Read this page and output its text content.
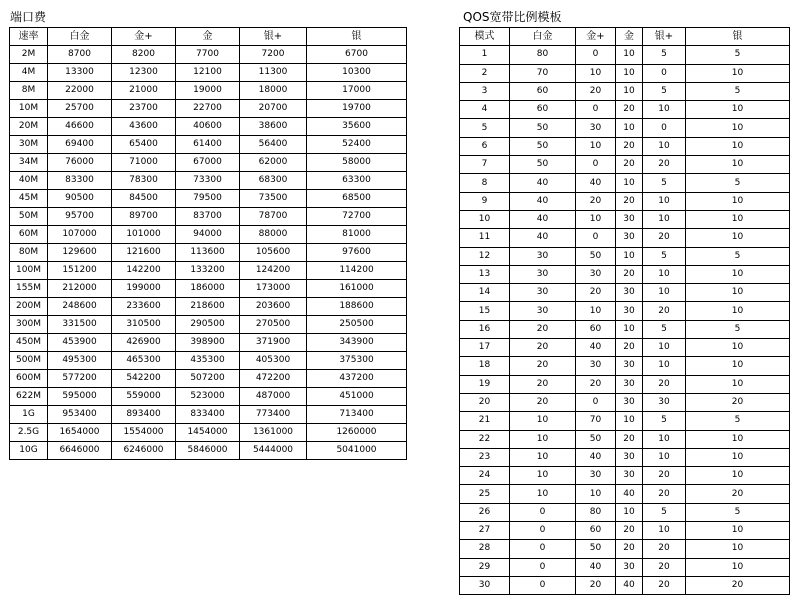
端口费
速率	白金	金+	金	银+	银
2M	8700	8200	7700	7200	6700
4M	13300	12300	12100	11300	10300
8M	22000	21000	19000	18000	17000
10M	25700	23700	22700	20700	19700
20M	46600	43600	40600	38600	35600
30M	69400	65400	61400	56400	52400
34M	76000	71000	67000	62000	58000
40M	83300	78300	73300	68300	63300
45M	90500	84500	79500	73500	68500
50M	95700	89700	83700	78700	72700
60M	107000	101000	94000	88000	81000
80M	129600	121600	113600	105600	97600
100M	151200	142200	133200	124200	114200
155M	212000	199000	186000	173000	161000
200M	248600	233600	218600	203600	188600
300M	331500	310500	290500	270500	250500
450M	453900	426900	398900	371900	343900
500M	495300	465300	435300	405300	375300
600M	577200	542200	507200	472200	437200
622M	595000	559000	523000	487000	451000
1G	953400	893400	833400	773400	713400
2.5G	1654000	1554000	1454000	1361000	1260000
10G	6646000	6246000	5846000	5444000	5041000
QOS宽带比例模板
模式	白金	金+	金	银+	银
1	80	0	10	5	5
2	70	10	10	0	10
3	60	20	10	5	5
4	60	0	20	10	10
5	50	30	10	0	10
6	50	10	20	10	10
7	50	0	20	20	10
8	40	40	10	5	5
9	40	20	20	10	10
10	40	10	30	10	10
11	40	0	30	20	10
12	30	50	10	5	5
13	30	30	20	10	10
14	30	20	30	10	10
15	30	10	30	20	10
16	20	60	10	5	5
17	20	40	20	10	10
18	20	30	30	10	10
19	20	20	30	20	10
20	20	0	30	30	20
21	10	70	10	5	5
22	10	50	20	10	10
23	10	40	30	10	10
24	10	30	30	20	10
25	10	10	40	20	20
26	0	80	10	5	5
27	0	60	20	10	10
28	0	50	20	20	10
29	0	40	30	20	10
30	0	20	40	20	20
